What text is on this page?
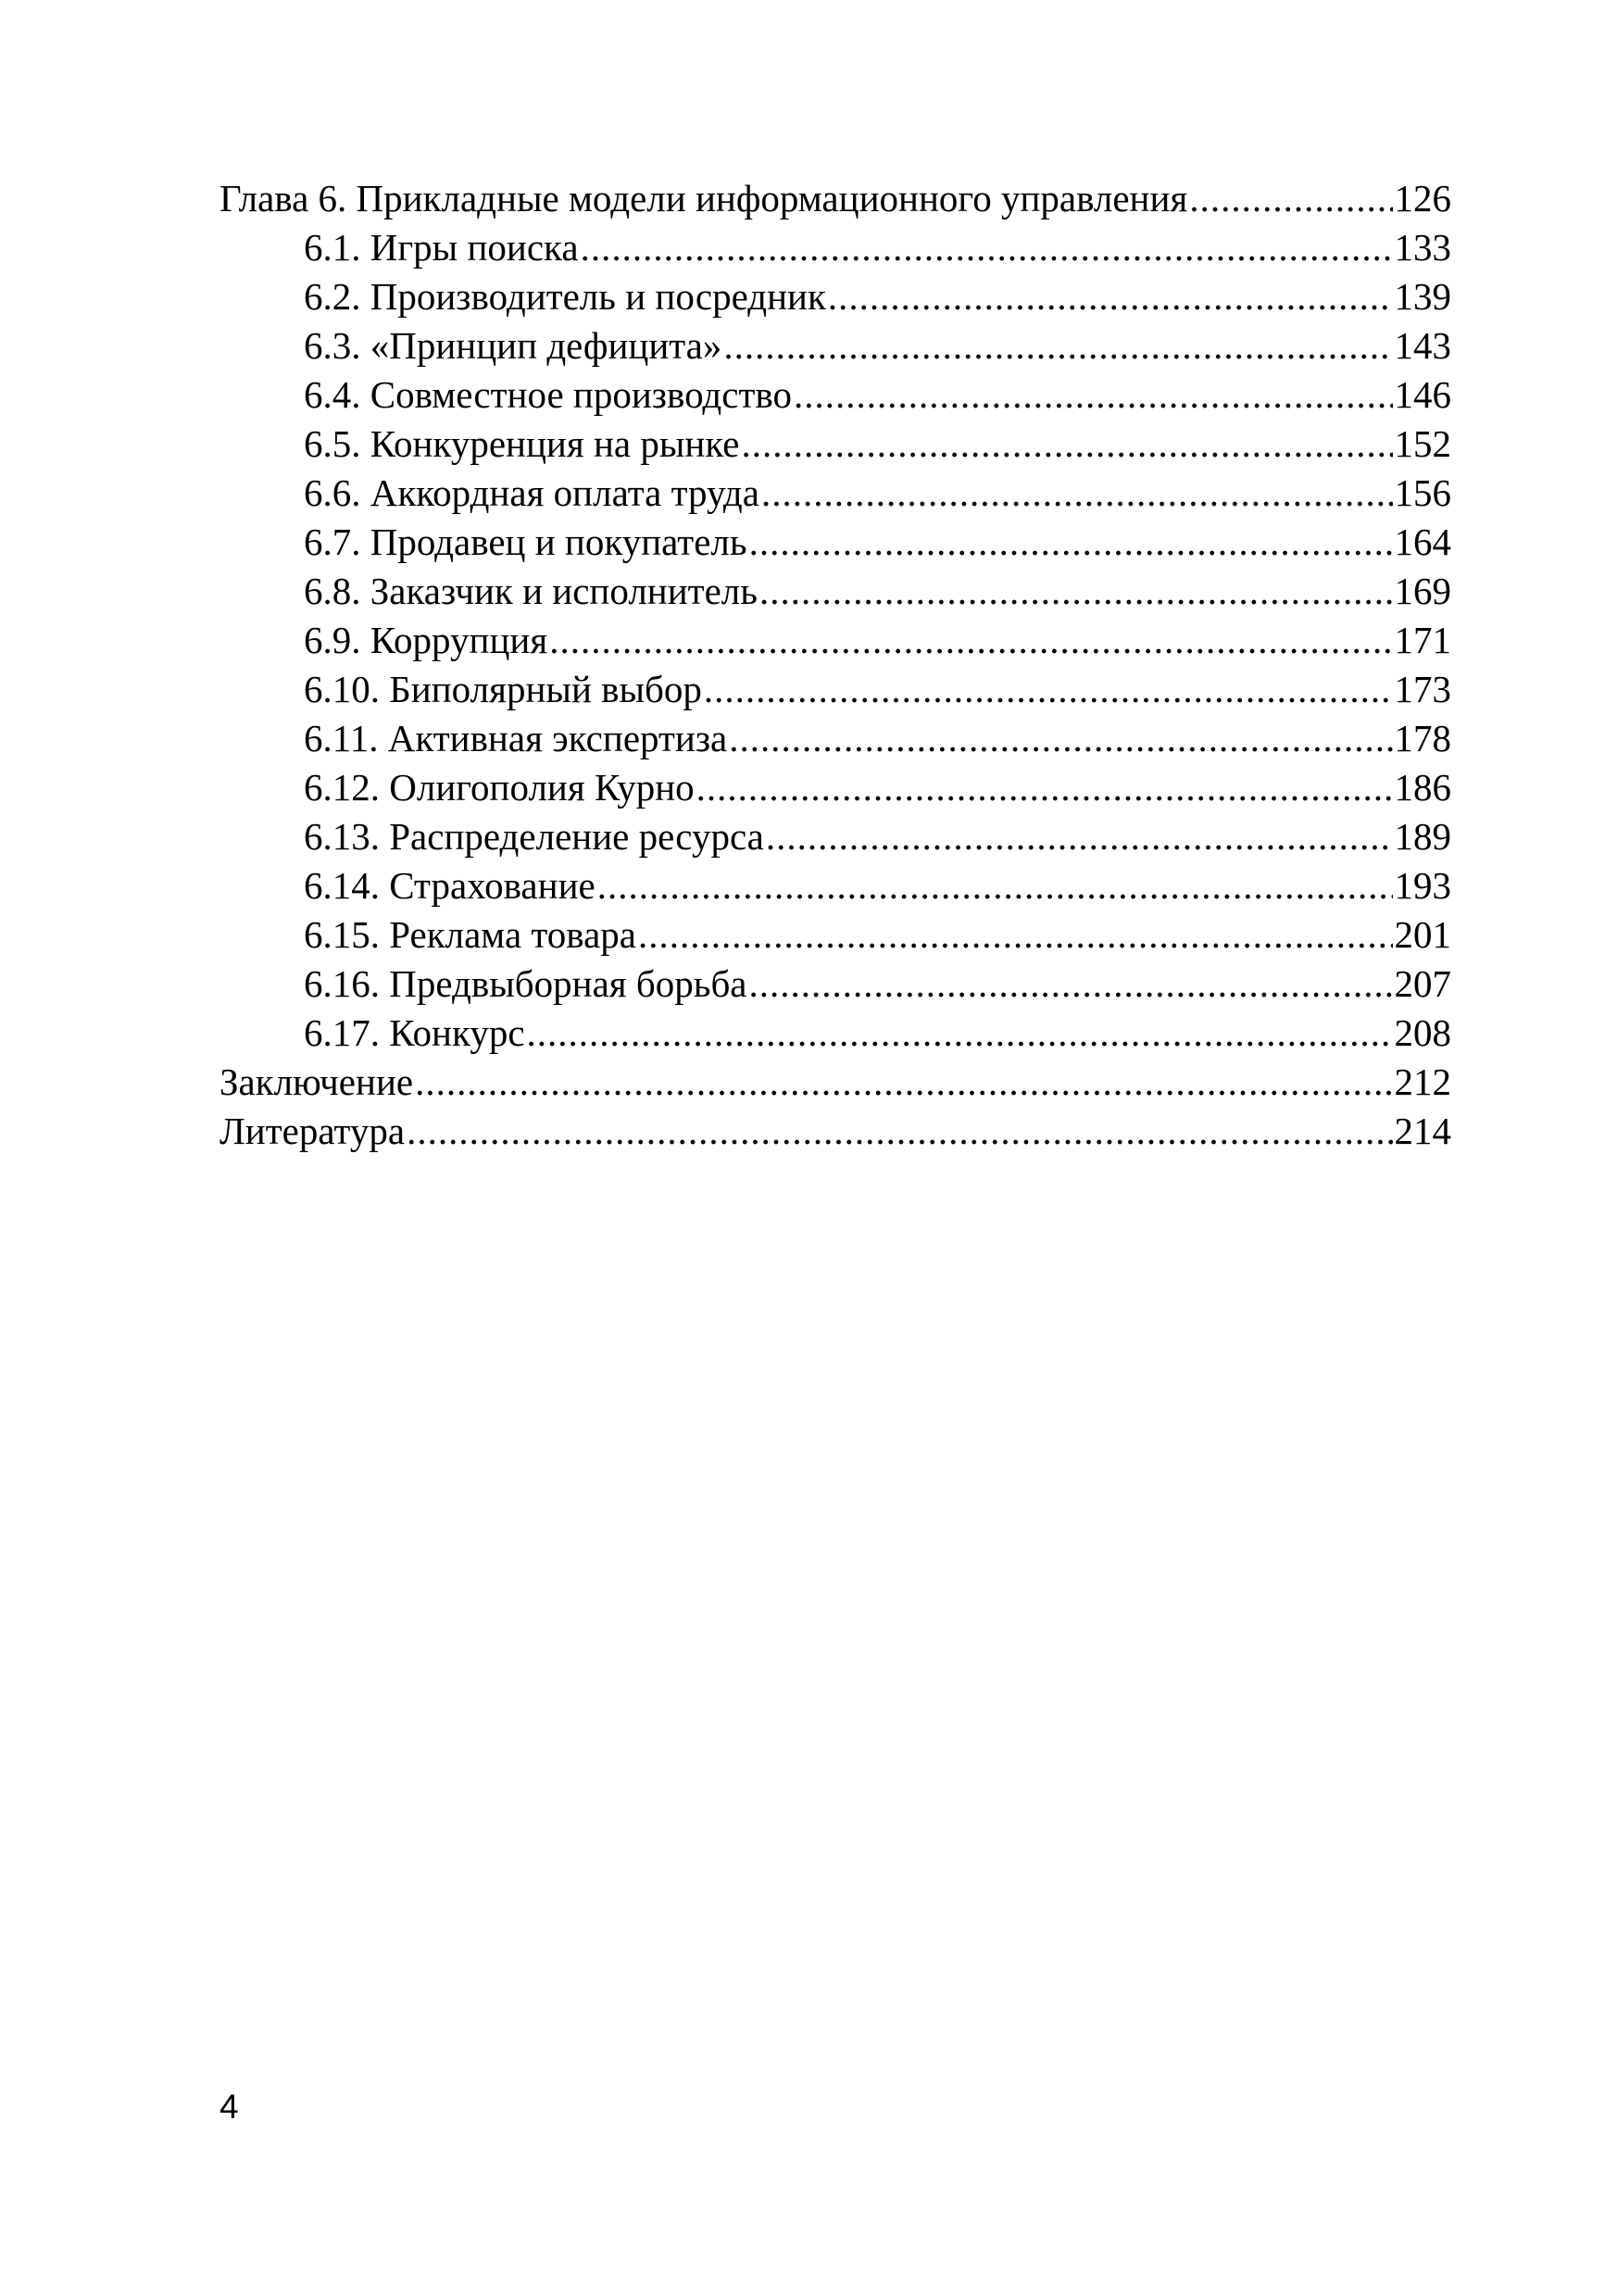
Глава 6. Прикладные модели информационного управления .....	126
6.1. Игры поиска .....	133
6.2. Производитель и посредник .....	139
6.3. «Принцип дефицита» .....	143
6.4. Совместное производство .....	146
6.5. Конкуренция на рынке .....	152
6.6. Аккордная оплата труда .....	156
6.7. Продавец и покупатель .....	164
6.8. Заказчик и исполнитель .....	169
6.9. Коррупция .....	171
6.10. Биполярный выбор .....	173
6.11. Активная экспертиза .....	178
6.12. Олигополия Курно .....	186
6.13. Распределение ресурса .....	189
6.14. Страхование .....	193
6.15. Реклама товара .....	201
6.16. Предвыборная борьба .....	207
6.17. Конкурс .....	208
Заключение .....	212
Литература .....	214
4
